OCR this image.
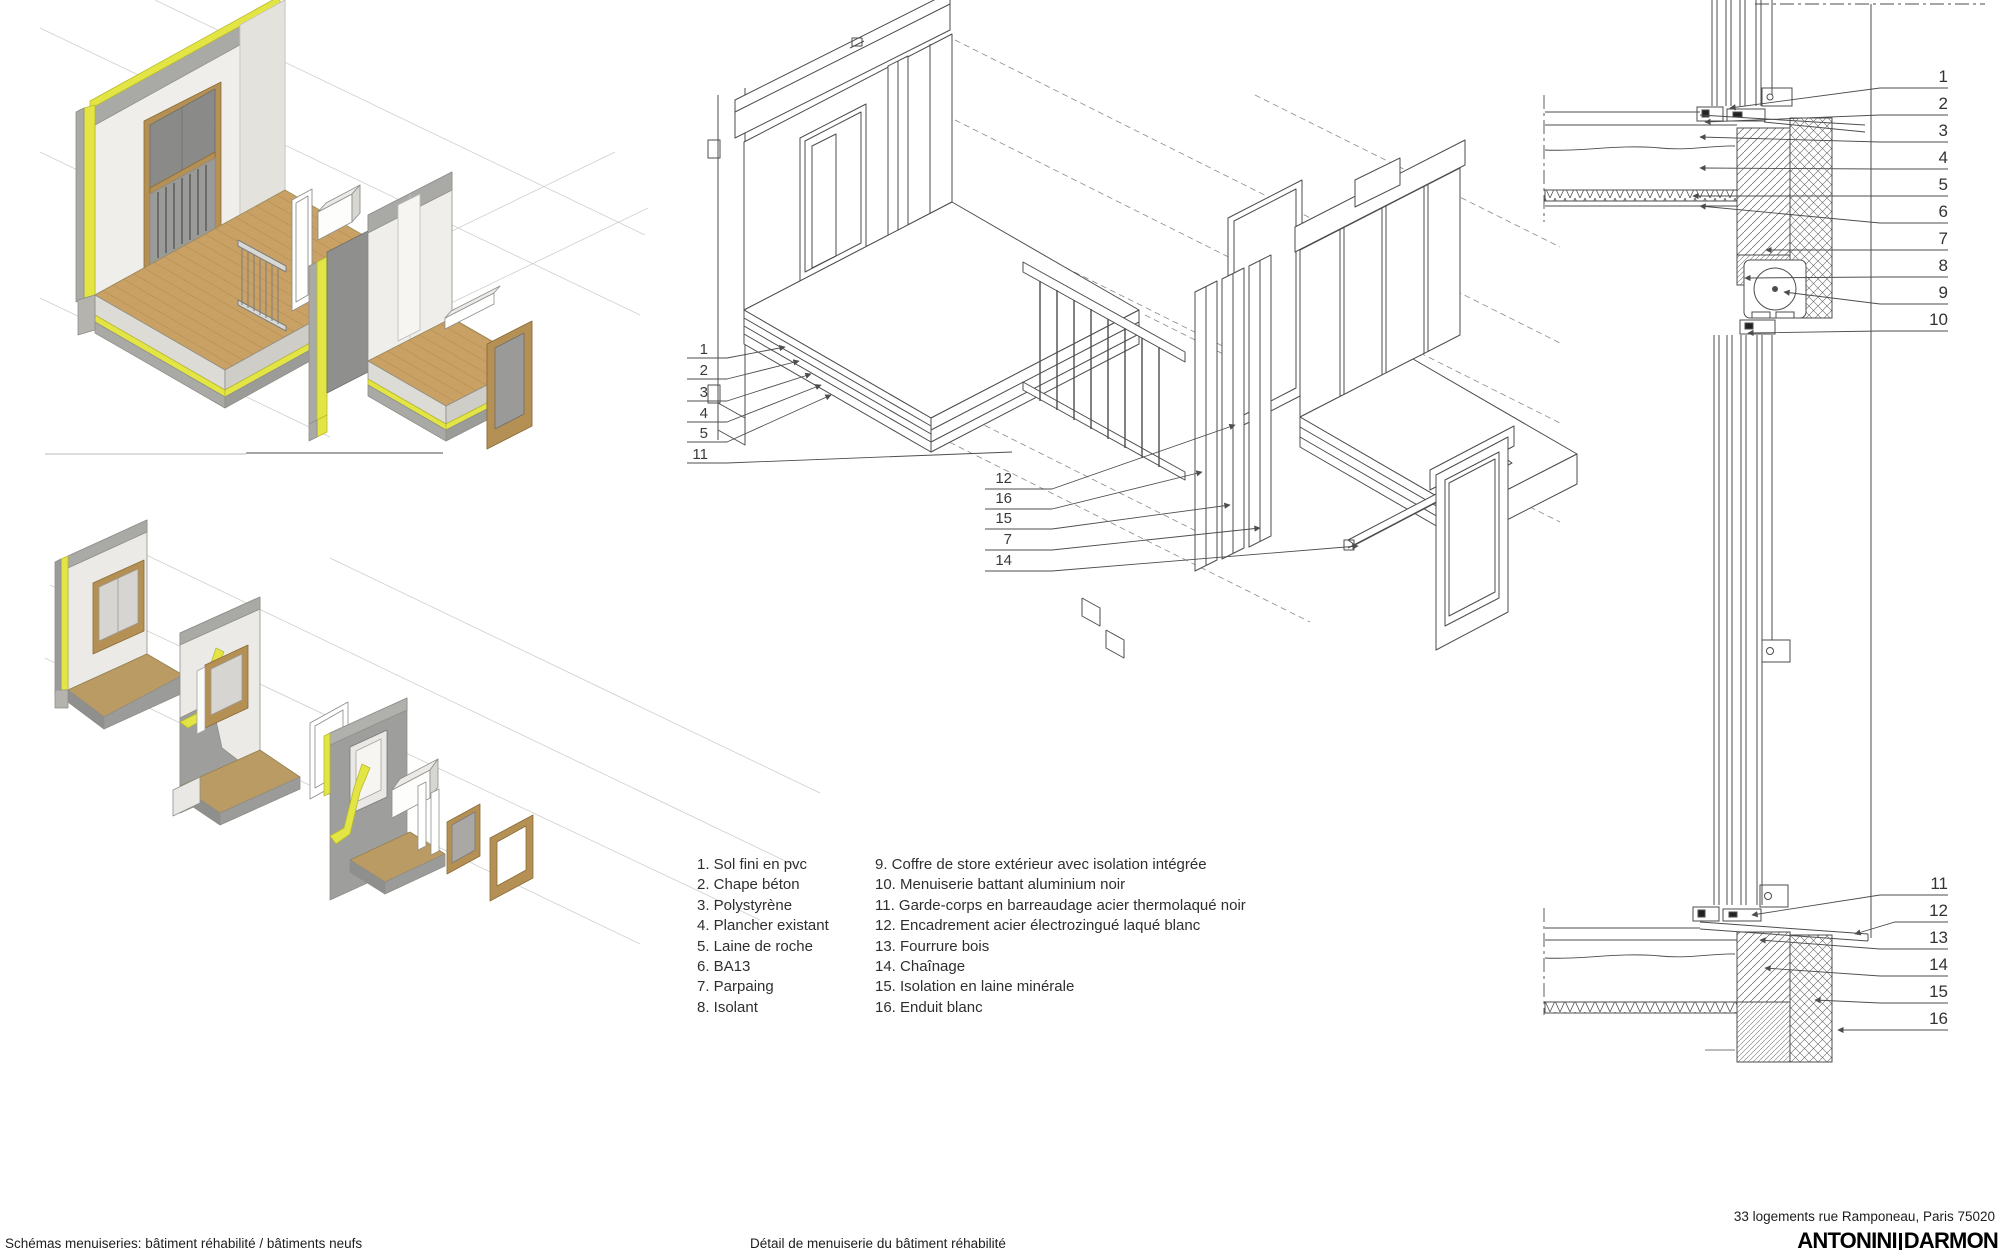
1
2
3
4
5
11
12
16
15
7
14
1
2
3
4
5
6
7
8
9
10
11
12
13
14
15
16
1. Sol fini en pvc
2. Chape béton
3. Polystyrène
4. Plancher existant
5. Laine de roche
6. BA13
7. Parpaing
8. Isolant
9. Coffre de store extérieur avec isolation intégrée
10. Menuiserie battant aluminium noir
11. Garde-corps en barreaudage acier thermolaqué noir
12. Encadrement acier électrozingué laqué blanc
13. Fourrure bois
14. Chaînage
15. Isolation en laine minérale
16. Enduit blanc
Schémas menuiseries: bâtiment réhabilité / bâtiments neufs	Détail de menuiserie du bâtiment réhabilité
33 logements rue Ramponeau, Paris 75020
ANTONINI DARMON
